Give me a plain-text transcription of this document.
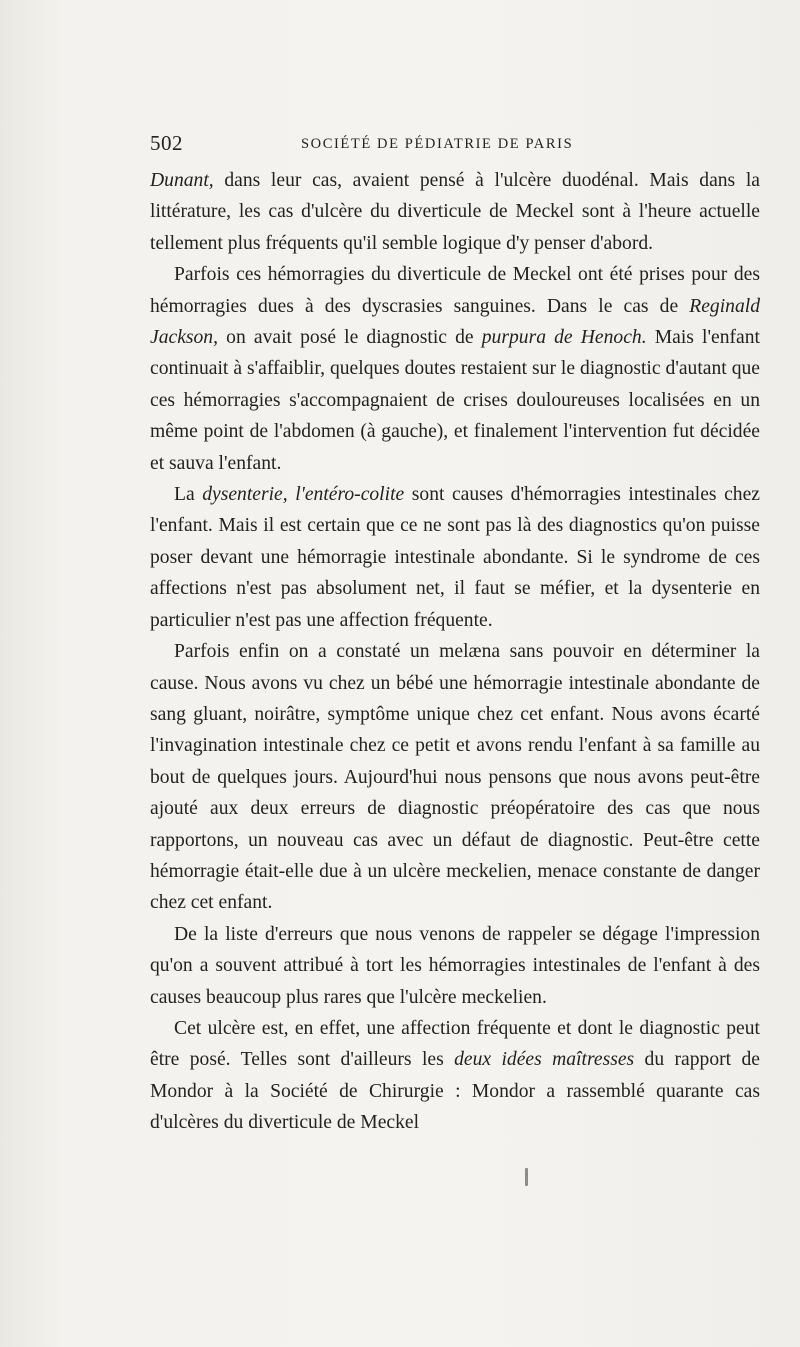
502	SOCIÉTÉ DE PÉDIATRIE DE PARIS

Dunant, dans leur cas, avaient pensé à l'ulcère duodénal. Mais dans la littérature, les cas d'ulcère du diverticule de Meckel sont à l'heure actuelle tellement plus fréquents qu'il semble logique d'y penser d'abord.

Parfois ces hémorragies du diverticule de Meckel ont été prises pour des hémorragies dues à des dyscrasies sanguines. Dans le cas de Reginald Jackson, on avait posé le diagnostic de purpura de Henoch. Mais l'enfant continuait à s'affaiblir, quelques doutes restaient sur le diagnostic d'autant que ces hémorragies s'accompagnaient de crises douloureuses localisées en un même point de l'abdomen (à gauche), et finalement l'intervention fut décidée et sauva l'enfant.

La dysenterie, l'entéro-colite sont causes d'hémorragies intestinales chez l'enfant. Mais il est certain que ce ne sont pas là des diagnostics qu'on puisse poser devant une hémorragie intestinale abondante. Si le syndrome de ces affections n'est pas absolument net, il faut se méfier, et la dysenterie en particulier n'est pas une affection fréquente.

Parfois enfin on a constaté un melæna sans pouvoir en déterminer la cause. Nous avons vu chez un bébé une hémorragie intestinale abondante de sang gluant, noirâtre, symptôme unique chez cet enfant. Nous avons écarté l'invagination intestinale chez ce petit et avons rendu l'enfant à sa famille au bout de quelques jours. Aujourd'hui nous pensons que nous avons peut-être ajouté aux deux erreurs de diagnostic préopératoire des cas que nous rapportons, un nouveau cas avec un défaut de diagnostic. Peut-être cette hémorragie était-elle due à un ulcère meckelien, menace constante de danger chez cet enfant.

De la liste d'erreurs que nous venons de rappeler se dégage l'impression qu'on a souvent attribué à tort les hémorragies intestinales de l'enfant à des causes beaucoup plus rares que l'ulcère meckelien.

Cet ulcère est, en effet, une affection fréquente et dont le diagnostic peut être posé. Telles sont d'ailleurs les deux idées maîtresses du rapport de Mondor à la Société de Chirurgie : Mondor a rassemblé quarante cas d'ulcères du diverticule de Meckel
